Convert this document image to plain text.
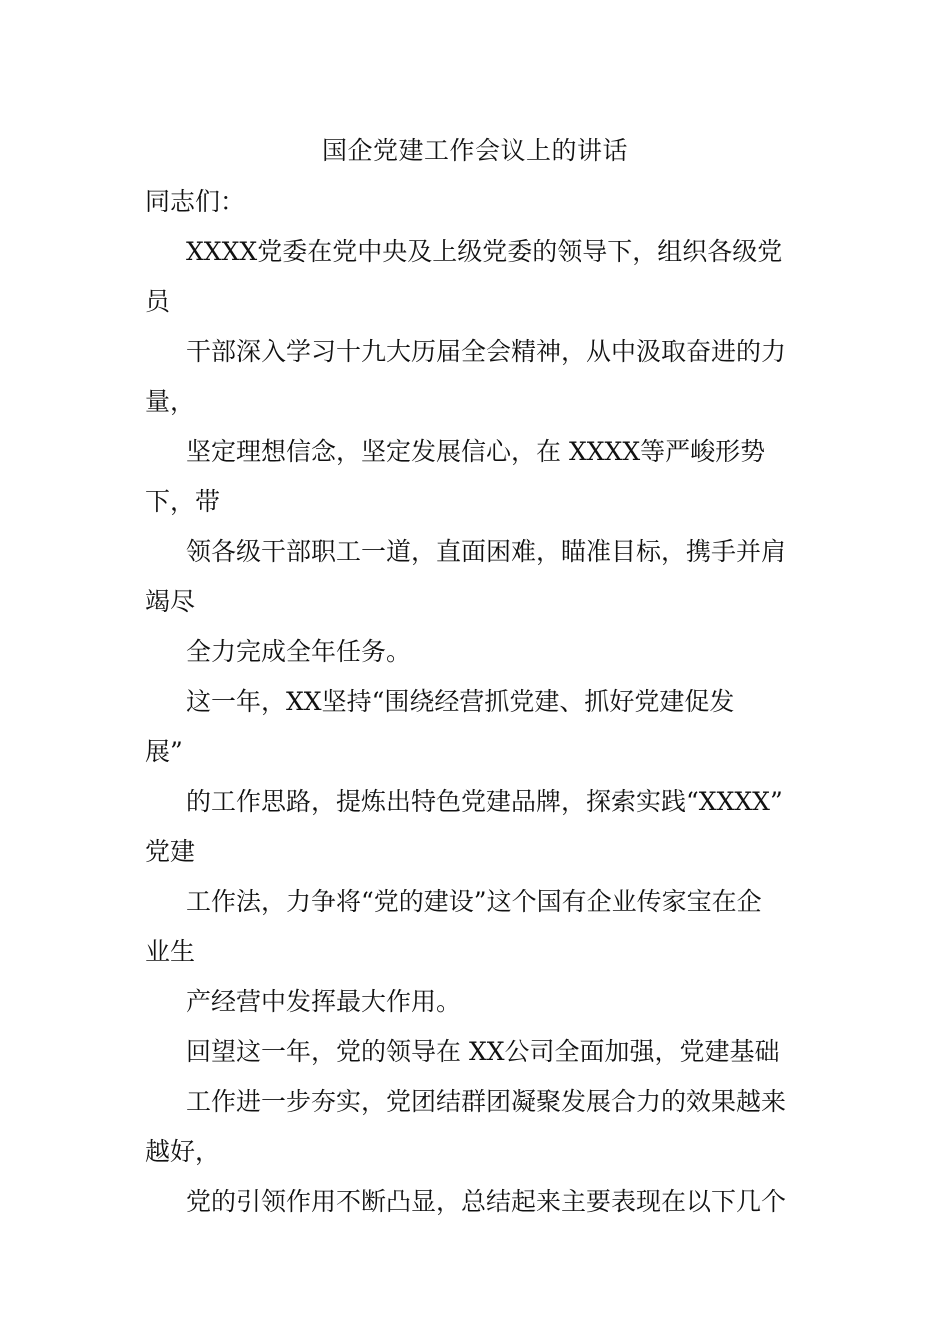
国企党建工作会议上的讲话
同志们：
XXXX党委在党中央及上级党委的领导下，组织各级党
员
干部深入学习十九大历届全会精神，从中汲取奋进的力
量，
坚定理想信念，坚定发展信心，在 XXXX等严峻形势
下，带
领各级干部职工一道，直面困难，瞄准目标，携手并肩
竭尽
全力完成全年任务。
这一年，XX坚持“围绕经营抓党建、抓好党建促发
展”
的工作思路，提炼出特色党建品牌，探索实践“XXXX”
党建
工作法，力争将“党的建设”这个国有企业传家宝在企
业生
产经营中发挥最大作用。
回望这一年，党的领导在 XX公司全面加强，党建基础
工作进一步夯实，党团结群团凝聚发展合力的效果越来
越好，
党的引领作用不断凸显，总结起来主要表现在以下几个
